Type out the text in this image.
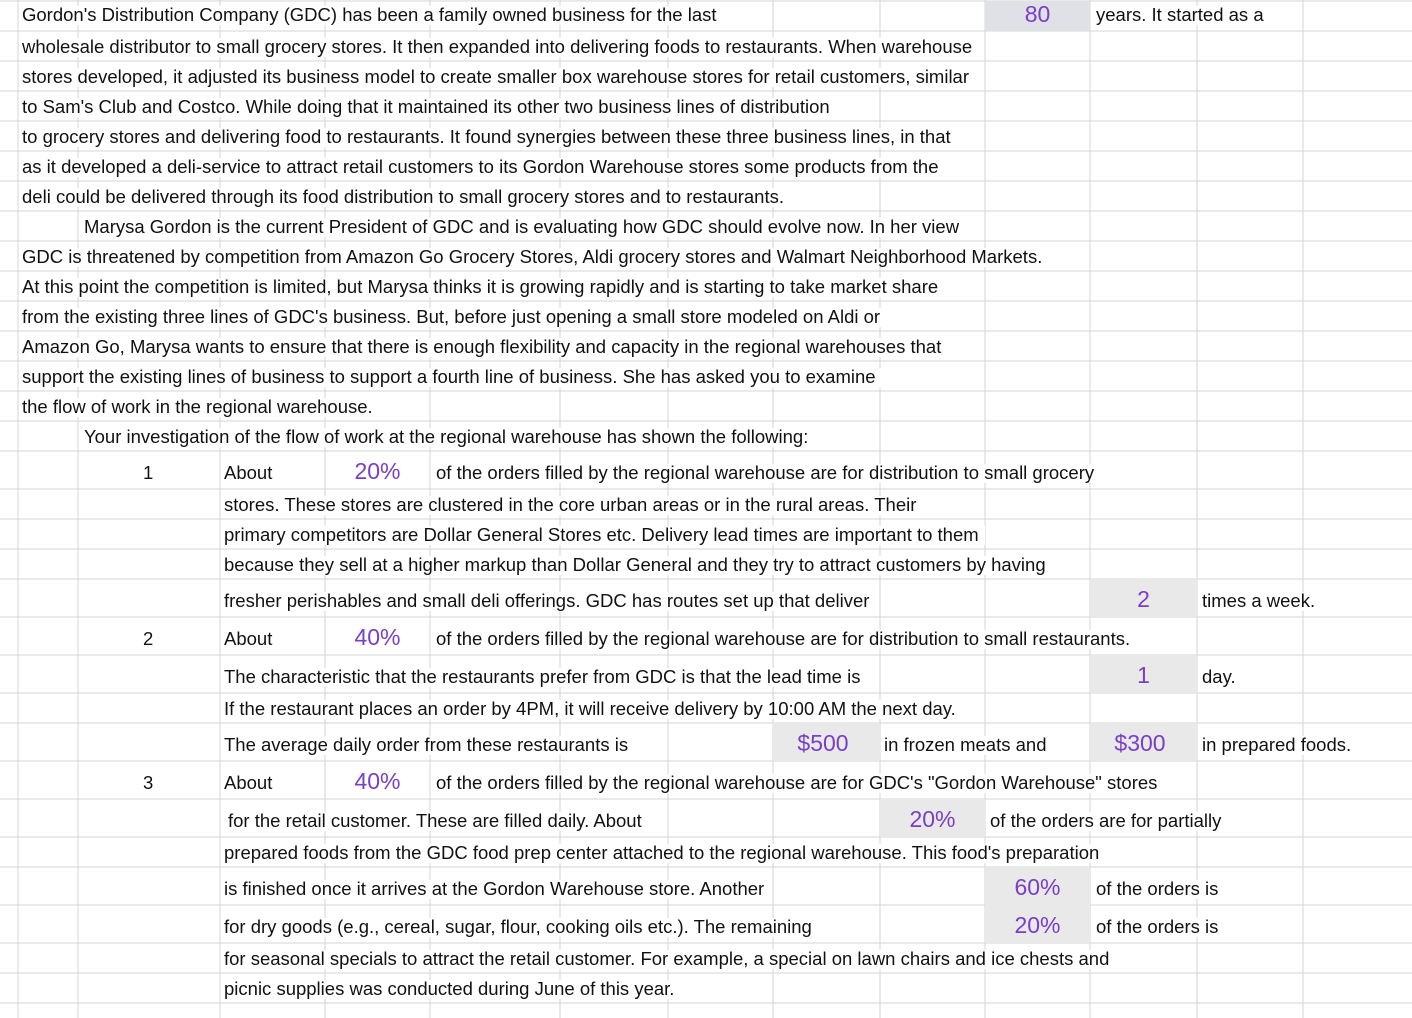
Gordon's Distribution Company (GDC) has been a family owned business for the last	80	years. It started as a
wholesale distributor to small grocery stores. It then expanded into delivering foods to restaurants. When warehouse
stores developed, it adjusted its business model to create smaller box warehouse stores for retail customers, similar
to Sam's Club and Costco. While doing that it maintained its other two business lines of distribution
to grocery stores and delivering food to restaurants. It found synergies between these three business lines, in that
as it developed a deli-service to attract retail customers to its Gordon Warehouse stores some products from the
deli could be delivered through its food distribution to small grocery stores and to restaurants.
Marysa Gordon is the current President of GDC and is evaluating how GDC should evolve now. In her view
GDC is threatened by competition from Amazon Go Grocery Stores, Aldi grocery stores and Walmart Neighborhood Markets.
At this point the competition is limited, but Marysa thinks it is growing rapidly and is starting to take market share
from the existing three lines of GDC's business. But, before just opening a small store modeled on Aldi or
Amazon Go, Marysa wants to ensure that there is enough flexibility and capacity in the regional warehouses that
support the existing lines of business to support a fourth line of business. She has asked you to examine
the flow of work in the regional warehouse.
Your investigation of the flow of work at the regional warehouse has shown the following:
1	About	20%	of the orders filled by the regional warehouse are for distribution to small grocery
stores. These stores are clustered in the core urban areas or in the rural areas. Their
primary competitors are Dollar General Stores etc. Delivery lead times are important to them
because they sell at a higher markup than Dollar General and they try to attract customers by having
fresher perishables and small deli offerings. GDC has routes set up that deliver	2	times a week.
2	About	40%	of the orders filled by the regional warehouse are for distribution to small restaurants.
The characteristic that the restaurants prefer from GDC is that the lead time is	1	day.
If the restaurant places an order by 4PM, it will receive delivery by 10:00 AM the next day.
The average daily order from these restaurants is	$500	in frozen meats and	$300	in prepared foods.
3	About	40%	of the orders filled by the regional warehouse are for GDC's "Gordon Warehouse" stores
for the retail customer. These are filled daily. About	20%	of the orders are for partially
prepared foods from the GDC food prep center attached to the regional warehouse. This food's preparation
is finished once it arrives at the Gordon Warehouse store. Another	60%	of the orders is
for dry goods (e.g., cereal, sugar, flour, cooking oils etc.). The remaining	20%	of the orders is
for seasonal specials to attract the retail customer. For example, a special on lawn chairs and ice chests and
picnic supplies was conducted during June of this year.
